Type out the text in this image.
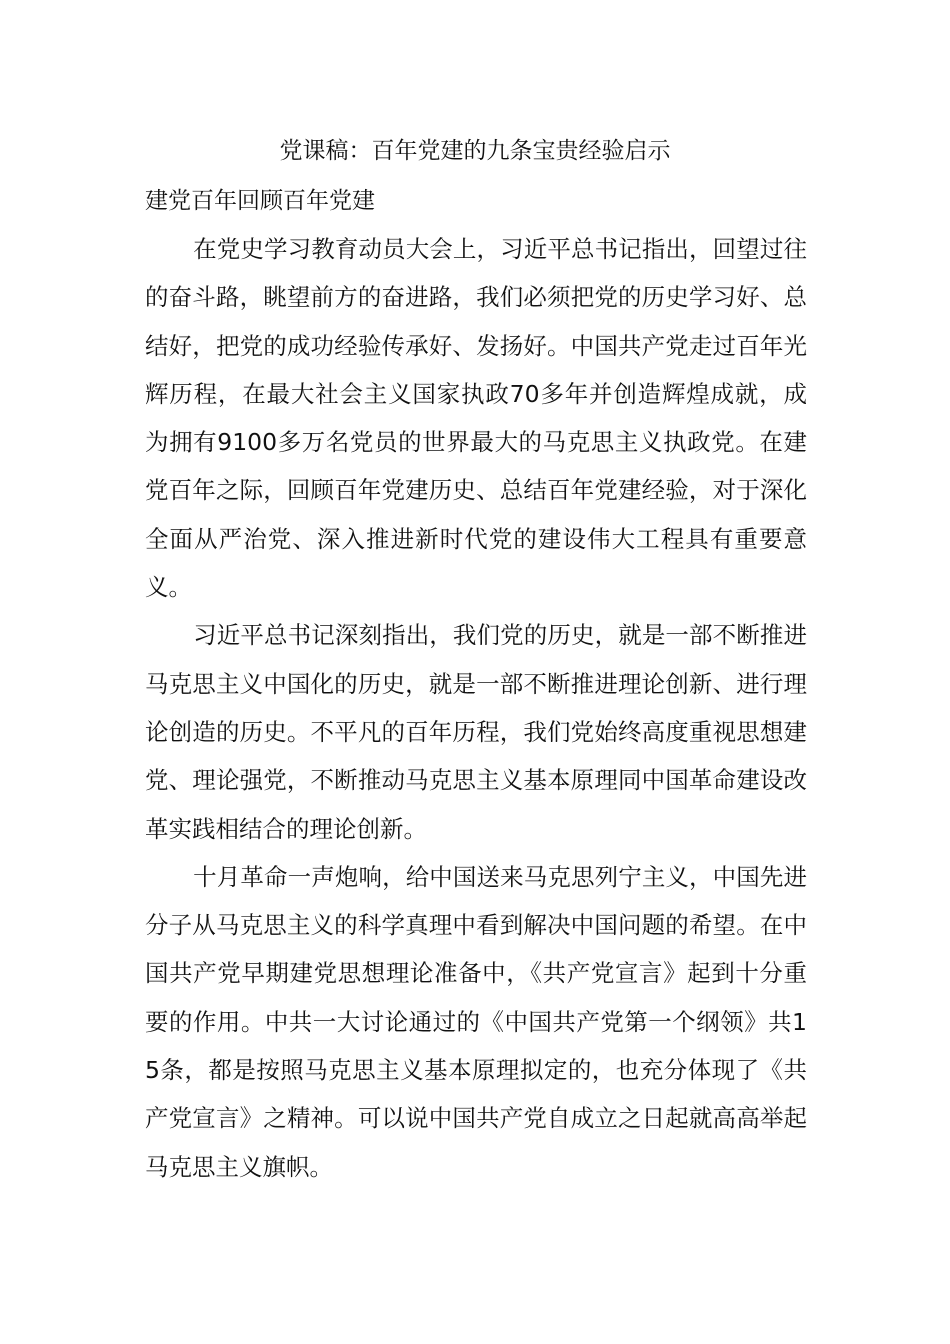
党课稿：百年党建的九条宝贵经验启示
建党百年回顾百年党建

在党史学习教育动员大会上，习近平总书记指出，回望过往的奋斗路，眺望前方的奋进路，我们必须把党的历史学习好、总结好，把党的成功经验传承好、发扬好。中国共产党走过百年光辉历程，在最大社会主义国家执政70多年并创造辉煌成就，成为拥有9100多万名党员的世界最大的马克思主义执政党。在建党百年之际，回顾百年党建历史、总结百年党建经验，对于深化全面从严治党、深入推进新时代党的建设伟大工程具有重要意义。

习近平总书记深刻指出，我们党的历史，就是一部不断推进马克思主义中国化的历史，就是一部不断推进理论创新、进行理论创造的历史。不平凡的百年历程，我们党始终高度重视思想建党、理论强党，不断推动马克思主义基本原理同中国革命建设改革实践相结合的理论创新。

十月革命一声炮响，给中国送来马克思列宁主义，中国先进分子从马克思主义的科学真理中看到解决中国问题的希望。在中国共产党早期建党思想理论准备中，《共产党宣言》起到十分重要的作用。中共一大讨论通过的《中国共产党第一个纲领》共15条，都是按照马克思主义基本原理拟定的，也充分体现了《共产党宣言》之精神。可以说中国共产党自成立之日起就高高举起马克思主义旗帜。
